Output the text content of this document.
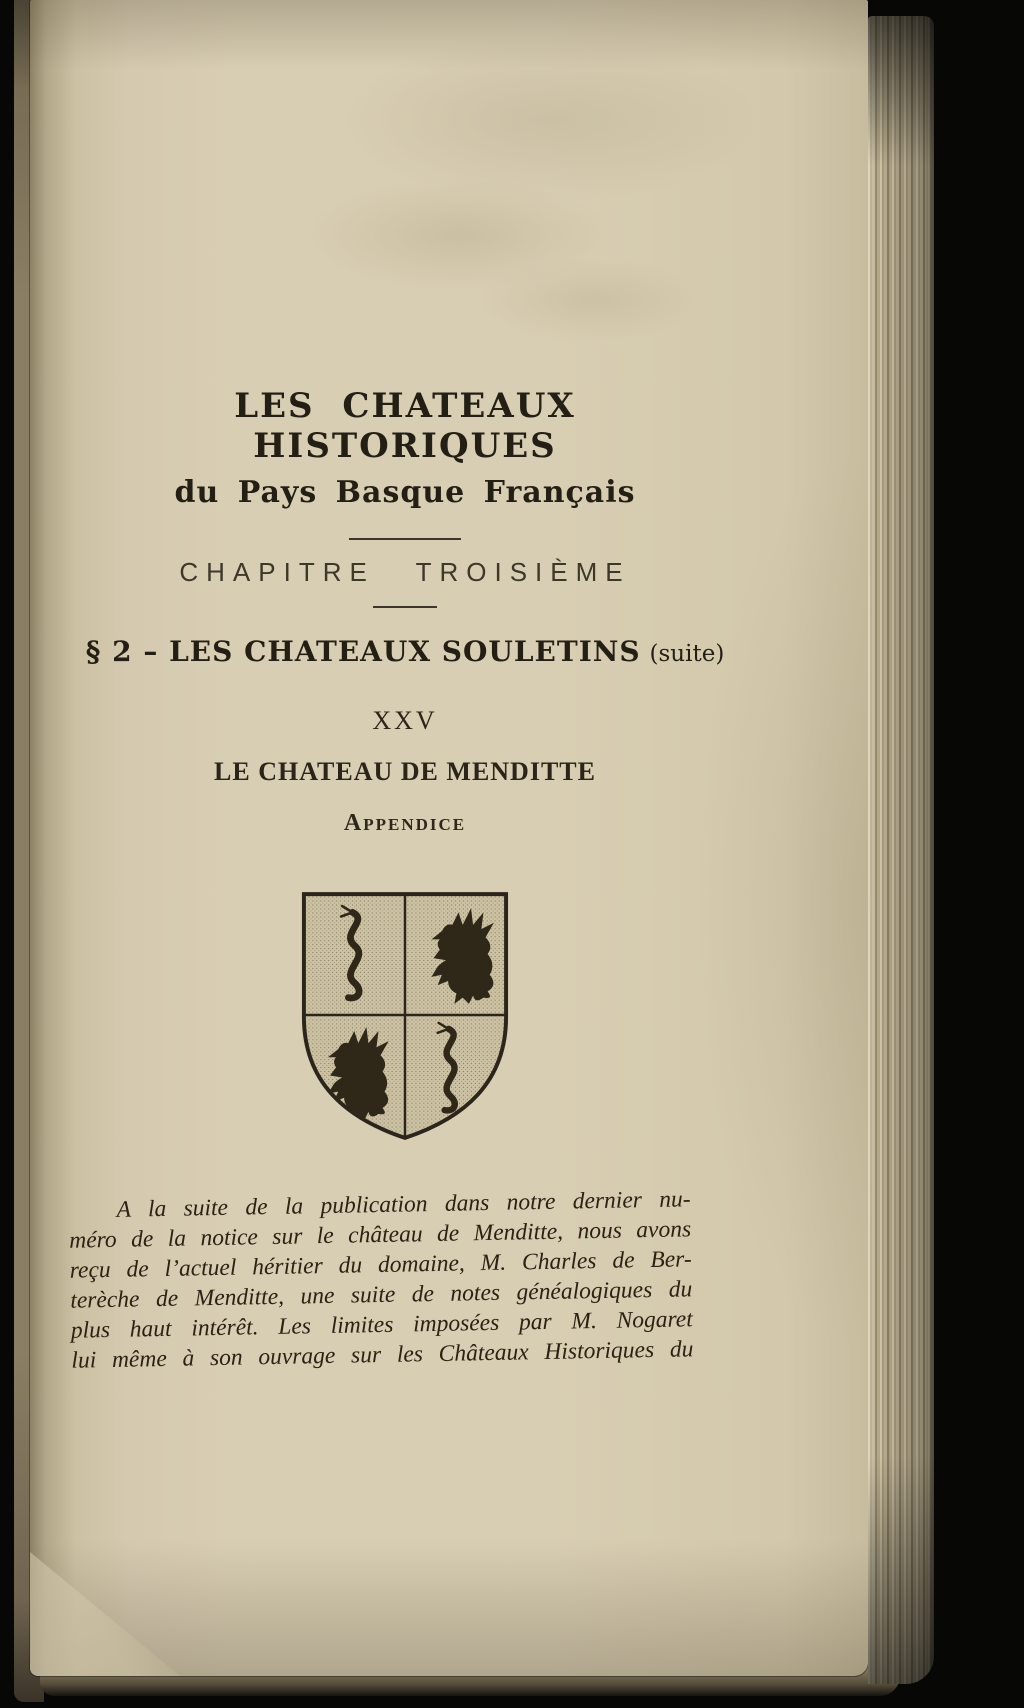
LES CHATEAUX HISTORIQUES
du Pays Basque Français
CHAPITRE TROISIÈME
§ 2 – LES CHATEAUX SOULETINS (suite)
XXV
LE CHATEAU DE MENDITTE
Appendice
A la suite de la publication dans notre dernier nu-
méro de la notice sur le château de Menditte, nous avons
reçu de l’actuel héritier du domaine, M. Charles de Ber-
terèche de Menditte, une suite de notes généalogiques du
plus haut intérêt. Les limites imposées par M. Nogaret
lui même à son ouvrage sur les Châteaux Historiques du
